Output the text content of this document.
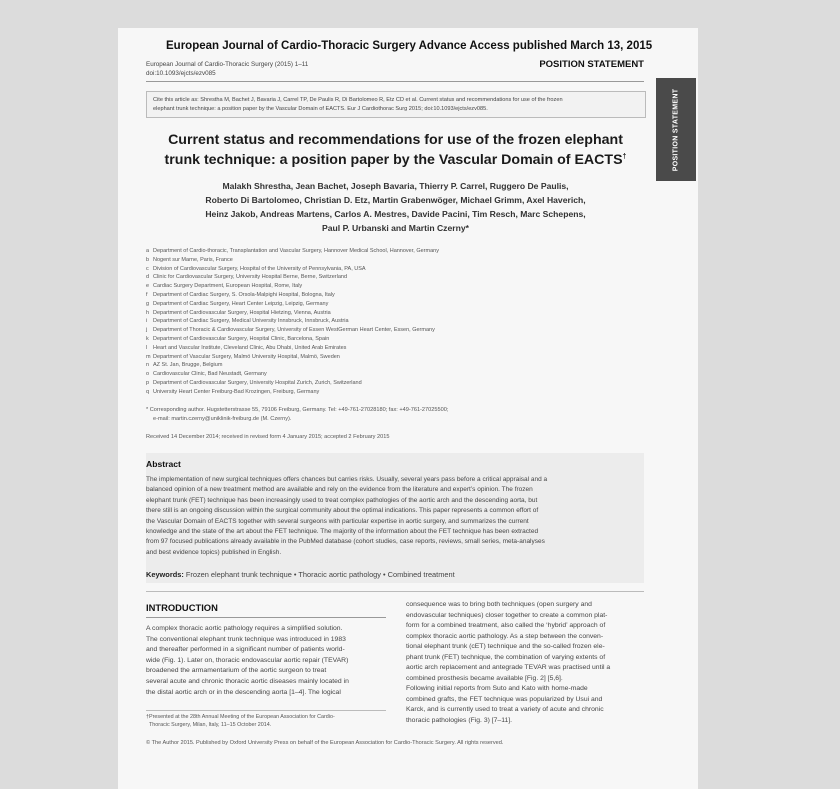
European Journal of Cardio-Thoracic Surgery Advance Access published March 13, 2015
European Journal of Cardio-Thoracic Surgery (2015) 1–11
doi:10.1093/ejcts/ezv085
POSITION STATEMENT
Cite this article as: Shrestha M, Bachet J, Bavaria J, Carrel TP, De Paulis R, Di Bartolomeo R, Etz CD et al. Current status and recommendations for use of the frozen
elephant trunk technique: a position paper by the Vascular Domain of EACTS. Eur J Cardiothorac Surg 2015; doi:10.1093/ejcts/ezv085.	POSITION STATEMENT
Current status and recommendations for use of the frozen elephant
trunk technique: a position paper by the Vascular Domain of EACTS†
Malakh Shrestha, Jean Bachet, Joseph Bavaria, Thierry P. Carrel, Ruggero De Paulis,
Roberto Di Bartolomeo, Christian D. Etz, Martin Grabenwöger, Michael Grimm, Axel Haverich,
Heinz Jakob, Andreas Martens, Carlos A. Mestres, Davide Pacini, Tim Resch, Marc Schepens,
Paul P. Urbanski and Martin Czerny*
a Department of Cardio-thoracic, Transplantation and Vascular Surgery, Hannover Medical School, Hannover, Germany
b Nogent sur Marne, Paris, France
c Division of Cardiovascular Surgery, Hospital of the University of Pennsylvania, PA, USA
d Clinic for Cardiovascular Surgery, University Hospital Berne, Berne, Switzerland
e Cardiac Surgery Department, European Hospital, Rome, Italy
f Department of Cardiac Surgery, S. Orsola-Malpighi Hospital, Bologna, Italy
g Department of Cardiac Surgery, Heart Center Leipzig, Leipzig, Germany
h Department of Cardiovascular Surgery, Hospital Hietzing, Vienna, Austria
i Department of Cardiac Surgery, Medical University Innsbruck, Innsbruck, Austria
j Department of Thoracic & Cardiovascular Surgery, University of Essen WestGerman Heart Center, Essen, Germany
k Department of Cardiovascular Surgery, Hospital Clinic, Barcelona, Spain
l Heart and Vascular Institute, Cleveland Clinic, Abu Dhabi, United Arab Emirates
m Department of Vascular Surgery, Malmö University Hospital, Malmö, Sweden
n AZ St. Jan, Brugge, Belgium
o Cardiovascular Clinic, Bad Neustadt, Germany
p Department of Cardiovascular Surgery, University Hospital Zurich, Zurich, Switzerland
q University Heart Center Freiburg-Bad Krozingen, Freiburg, Germany
* Corresponding author. Hugstetterstrasse 55, 79106 Freiburg, Germany. Tel: +49-761-27028180; fax: +49-761-27025500;
e-mail: martin.czerny@uniklinik-freiburg.de (M. Czerny).
Received 14 December 2014; received in revised form 4 January 2015; accepted 2 February 2015
Abstract
The implementation of new surgical techniques offers chances but carries risks. Usually, several years pass before a critical appraisal and a
balanced opinion of a new treatment method are available and rely on the evidence from the literature and expert’s opinion. The frozen
elephant trunk (FET) technique has been increasingly used to treat complex pathologies of the aortic arch and the descending aorta, but
there still is an ongoing discussion within the surgical community about the optimal indications. This paper represents a common effort of
the Vascular Domain of EACTS together with several surgeons with particular expertise in aortic surgery, and summarizes the current
knowledge and the state of the art about the FET technique. The majority of the information about the FET technique has been extracted
from 97 focused publications already available in the PubMed database (cohort studies, case reports, reviews, small series, meta-analyses
and best evidence topics) published in English.
Keywords: Frozen elephant trunk technique • Thoracic aortic pathology • Combined treatment
INTRODUCTION
A complex thoracic aortic pathology requires a simplified solution.
The conventional elephant trunk technique was introduced in 1983
and thereafter performed in a significant number of patients world-
wide (Fig. 1). Later on, thoracic endovascular aortic repair (TEVAR)
broadened the armamentarium of the aortic surgeon to treat
several acute and chronic thoracic aortic diseases mainly located in
the distal aortic arch or in the descending aorta [1–4]. The logical
consequence was to bring both techniques (open surgery and
endovascular techniques) closer together to create a common plat-
form for a combined treatment, also called the ‘hybrid’ approach of
complex thoracic aortic pathology. As a step between the conven-
tional elephant trunk (cET) technique and the so-called frozen ele-
phant trunk (FET) technique, the combination of varying extents of
aortic arch replacement and antegrade TEVAR was practised until a
combined prosthesis became available [Fig. 2] [5,6].
Following initial reports from Suto and Kato with home-made
combined grafts, the FET technique was popularized by Usui and
Karck, and is currently used to treat a variety of acute and chronic
thoracic pathologies (Fig. 3) [7–11].
†Presented at the 28th Annual Meeting of the European Association for Cardio-
Thoracic Surgery, Milan, Italy, 11–15 October 2014.
© The Author 2015. Published by Oxford University Press on behalf of the European Association for Cardio-Thoracic Surgery. All rights reserved.
